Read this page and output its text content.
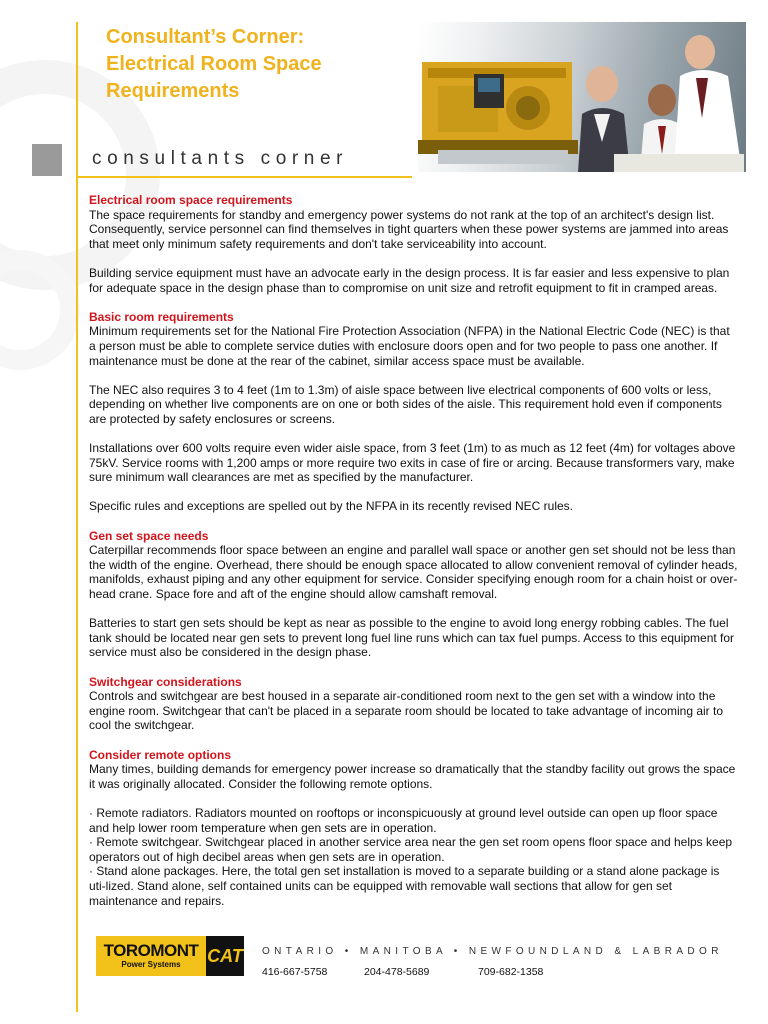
Consultant’s Corner:
Electrical Room Space
Requirements
consultants corner
Electrical room space requirements

The space requirements for standby and emergency power systems do not rank at the top of an architect's design list. Consequently, service personnel can find themselves in tight quarters when these power systems are jammed into areas that meet only minimum safety requirements and don't take serviceability into account.

Building service equipment must have an advocate early in the design process. It is far easier and less expensive to plan for adequate space in the design phase than to compromise on unit size and retrofit equipment to fit in cramped areas.

Basic room requirements

Minimum requirements set for the National Fire Protection Association (NFPA) in the National Electric Code (NEC) is that a person must be able to complete service duties with enclosure doors open and for two people to pass one another. If maintenance must be done at the rear of the cabinet, similar access space must be available.

The NEC also requires 3 to 4 feet (1m to 1.3m) of aisle space between live electrical components of 600 volts or less, depending on whether live components are on one or both sides of the aisle. This requirement hold even if components are protected by safety enclosures or screens.

Installations over 600 volts require even wider aisle space, from 3 feet (1m) to as much as 12 feet (4m) for voltages above 75kV. Service rooms with 1,200 amps or more require two exits in case of fire or arcing. Because transformers vary, make sure minimum wall clearances are met as specified by the manufacturer.

Specific rules and exceptions are spelled out by the NFPA in its recently revised NEC rules.

Gen set space needs

Caterpillar recommends floor space between an engine and parallel wall space or another gen set should not be less than the width of the engine. Overhead, there should be enough space allocated to allow convenient removal of cylinder heads, manifolds, exhaust piping and any other equipment for service. Consider specifying enough room for a chain hoist or over-head crane. Space fore and aft of the engine should allow camshaft removal.

Batteries to start gen sets should be kept as near as possible to the engine to avoid long energy robbing cables. The fuel tank should be located near gen sets to prevent long fuel line runs which can tax fuel pumps. Access to this equipment for service must also be considered in the design phase.

Switchgear considerations

Controls and switchgear are best housed in a separate air-conditioned room next to the gen set with a window into the engine room. Switchgear that can't be placed in a separate room should be located to take advantage of incoming air to cool the switchgear.

Consider remote options

Many times, building demands for emergency power increase so dramatically that the standby facility out grows the space it was originally allocated. Consider the following remote options.

· Remote radiators. Radiators mounted on rooftops or inconspicuously at ground level outside can open up floor space and help lower room temperature when gen sets are in operation.

· Remote switchgear. Switchgear placed in another service area near the gen set room opens floor space and helps keep operators out of high decibel areas when gen sets are in operation.

· Stand alone packages. Here, the total gen set installation is moved to a separate building or a stand alone package is uti-lized. Stand alone, self contained units can be equipped with removable wall sections that allow for gen set maintenance and repairs.

TOROMONT
Power Systems CAT ONTARIO • MANITOBA • NEWFOUNDLAND & LABRADOR
416-667-5758	204-478-5689	709-682-1358
